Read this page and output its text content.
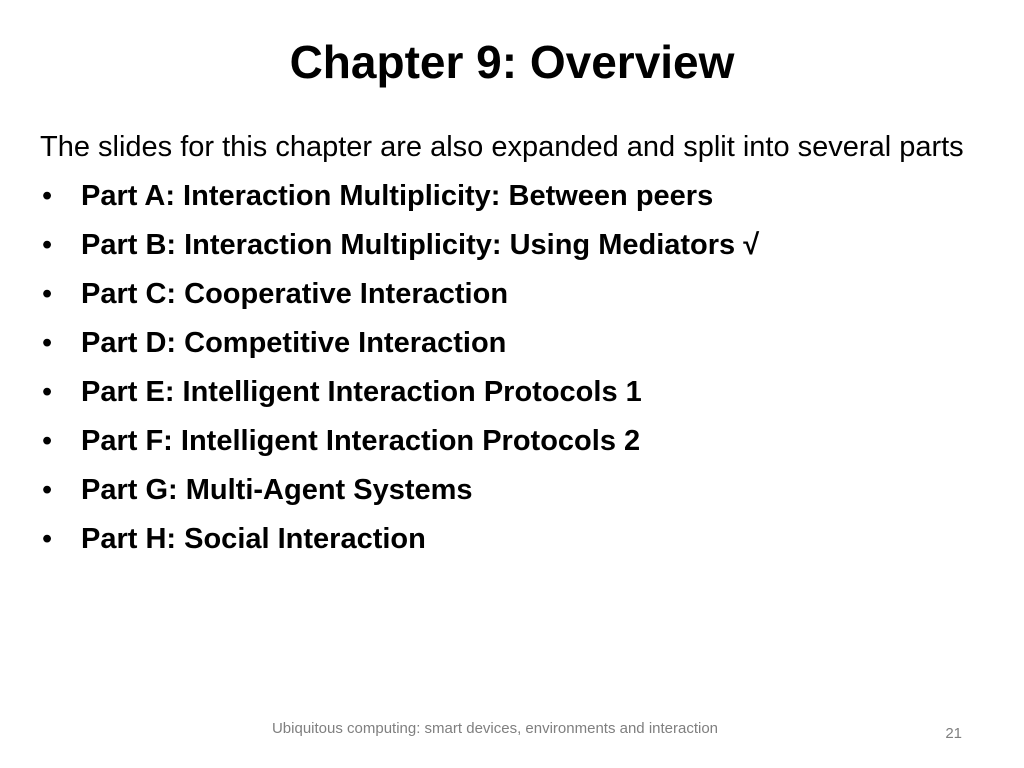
Chapter 9: Overview

The slides for this chapter are also expanded and split into several parts

• Part A: Interaction Multiplicity: Between peers
• Part B: Interaction Multiplicity: Using Mediators √
• Part C: Cooperative Interaction
• Part D: Competitive Interaction
• Part E: Intelligent Interaction Protocols 1
• Part F: Intelligent Interaction Protocols 2
• Part G: Multi-Agent Systems
• Part H: Social Interaction
Ubiquitous computing: smart devices, environments and interaction	21
